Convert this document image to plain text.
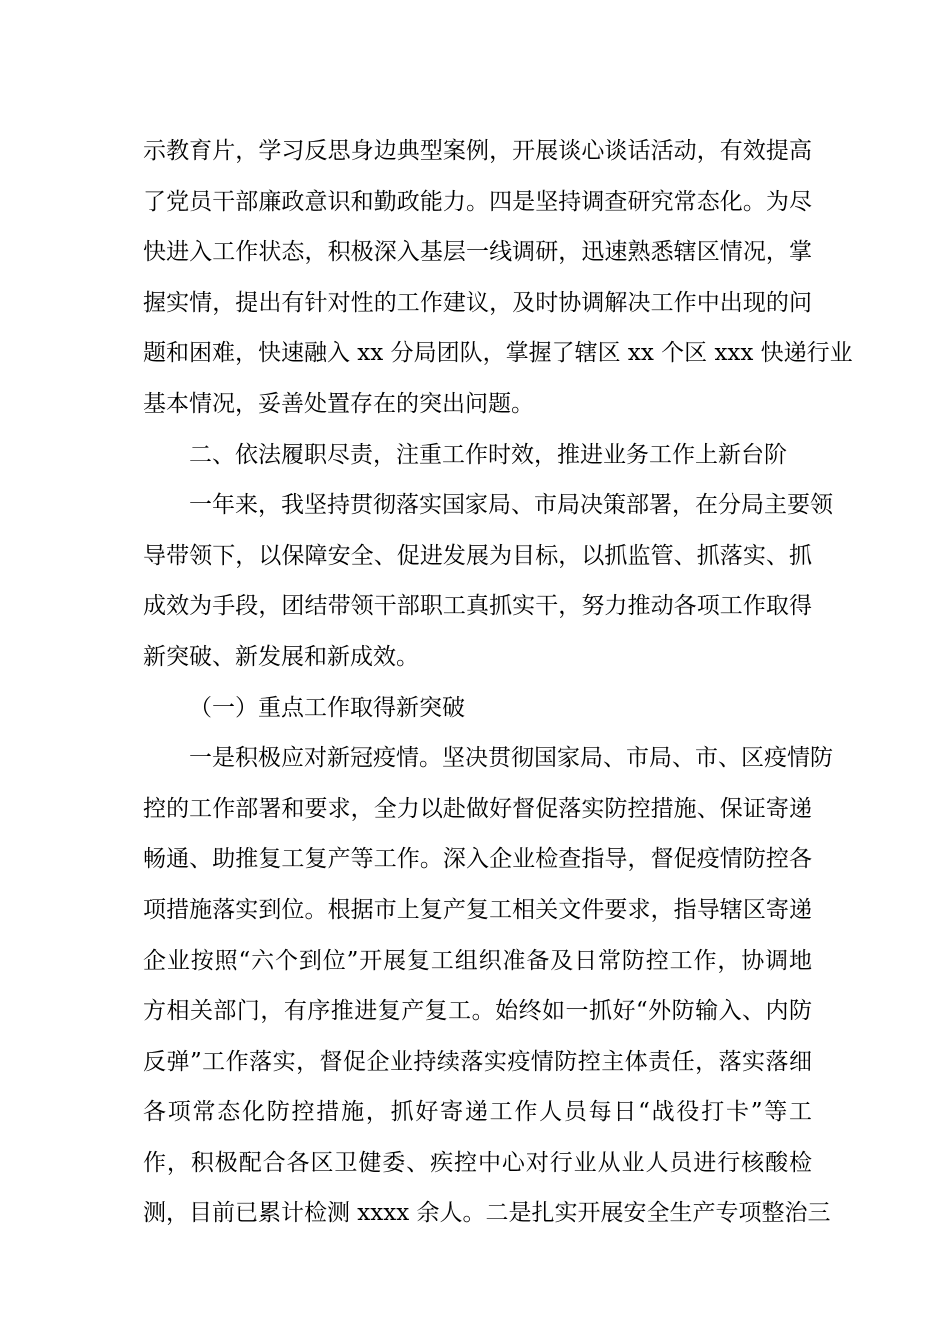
示教育片，学习反思身边典型案例，开展谈心谈话活动，有效提高
了党员干部廉政意识和勤政能力。四是坚持调查研究常态化。为尽
快进入工作状态，积极深入基层一线调研，迅速熟悉辖区情况，掌
握实情，提出有针对性的工作建议，及时协调解决工作中出现的问
题和困难，快速融入 xx 分局团队，掌握了辖区 xx 个区 xxx 快递行业
基本情况，妥善处置存在的突出问题。
二、依法履职尽责，注重工作时效，推进业务工作上新台阶
一年来，我坚持贯彻落实国家局、市局决策部署，在分局主要领
导带领下，以保障安全、促进发展为目标，以抓监管、抓落实、抓
成效为手段，团结带领干部职工真抓实干，努力推动各项工作取得
新突破、新发展和新成效。
（一）重点工作取得新突破
一是积极应对新冠疫情。坚决贯彻国家局、市局、市、区疫情防
控的工作部署和要求，全力以赴做好督促落实防控措施、保证寄递
畅通、助推复工复产等工作。深入企业检查指导，督促疫情防控各
项措施落实到位。根据市上复产复工相关文件要求，指导辖区寄递
企业按照“六个到位”开展复工组织准备及日常防控工作，协调地
方相关部门，有序推进复产复工。始终如一抓好“外防输入、内防
反弹”工作落实，督促企业持续落实疫情防控主体责任，落实落细
各项常态化防控措施，抓好寄递工作人员每日“战役打卡”等工
作，积极配合各区卫健委、疾控中心对行业从业人员进行核酸检
测，目前已累计检测 xxxx 余人。二是扎实开展安全生产专项整治三
